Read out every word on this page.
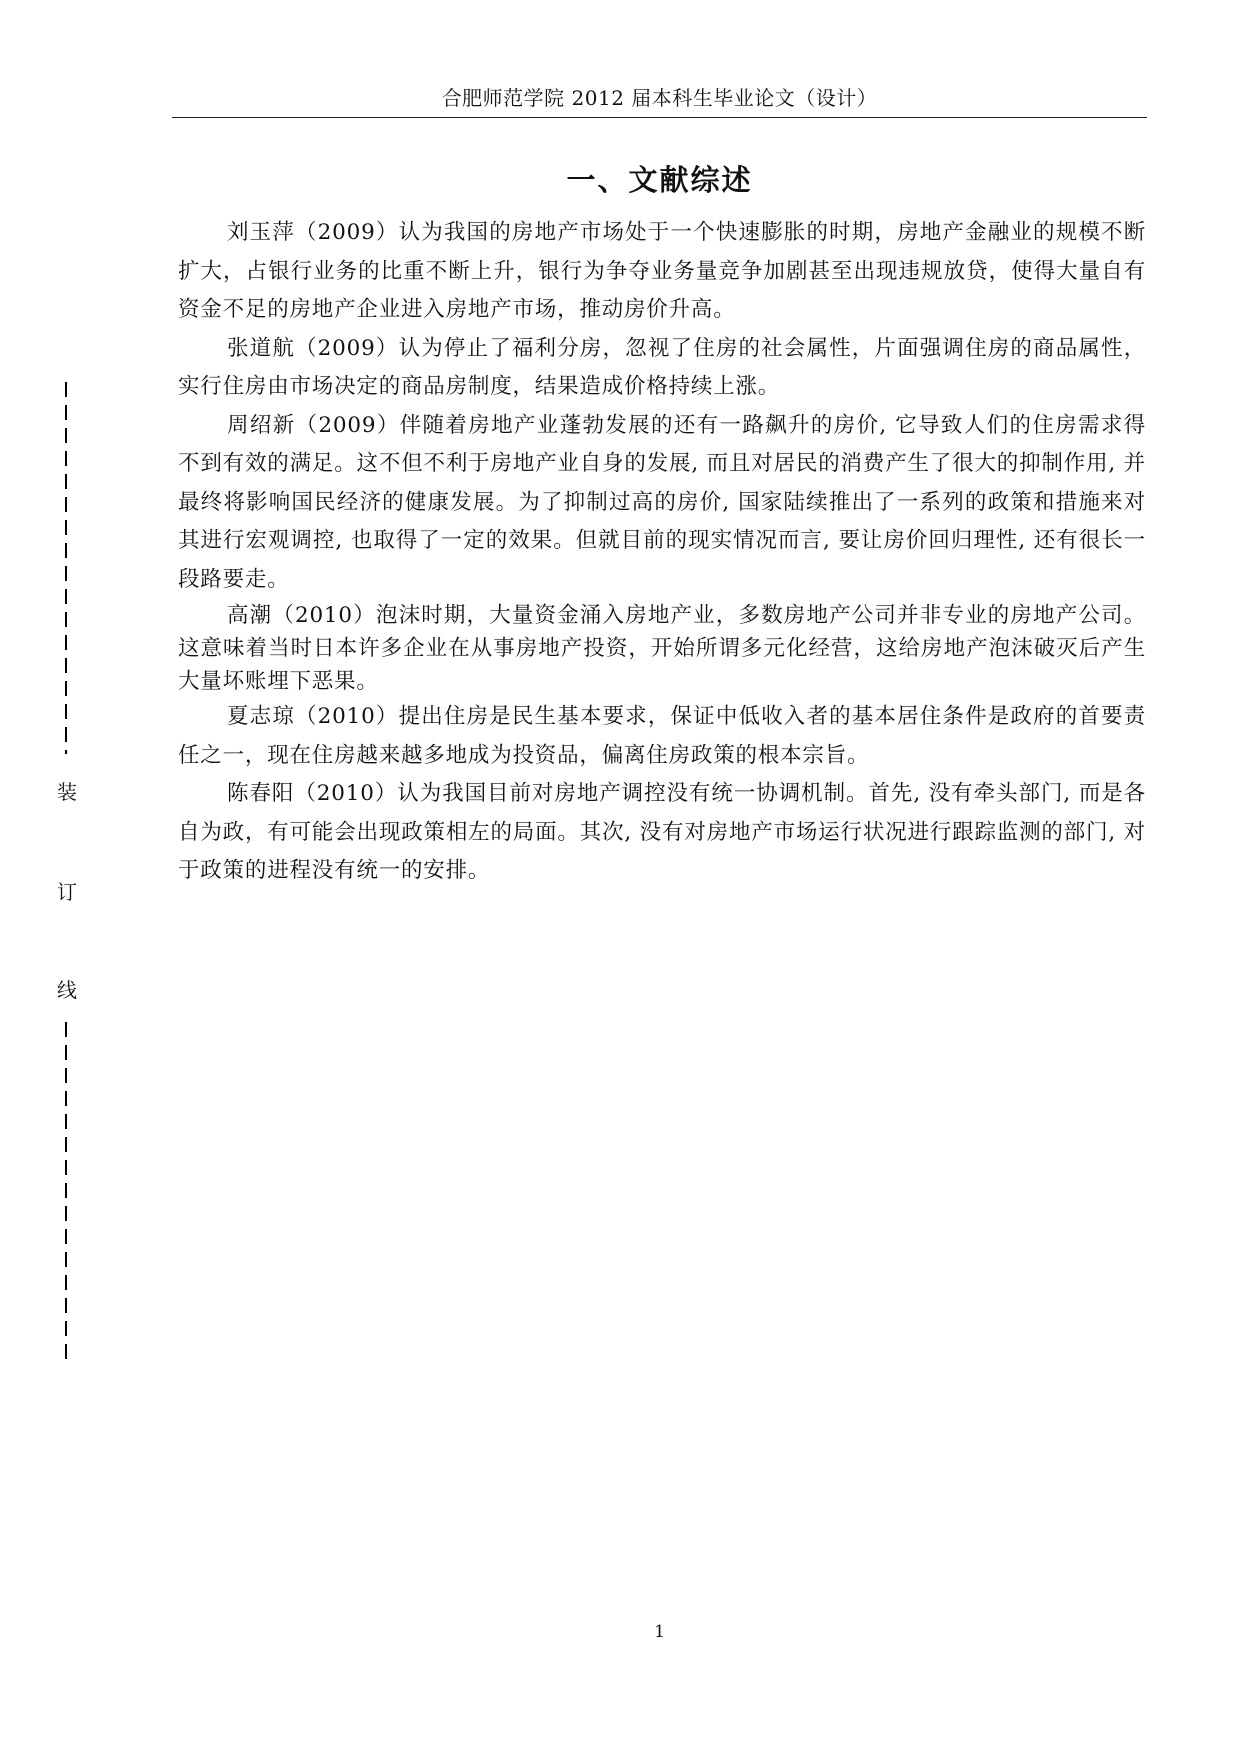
合肥师范学院 2012 届本科生毕业论文（设计）
一、文献综述

刘玉萍（2009）认为我国的房地产市场处于一个快速膨胀的时期，房地产金融业的规模不断扩大，占银行业务的比重不断上升，银行为争夺业务量竞争加剧甚至出现违规放贷，使得大量自有资金不足的房地产企业进入房地产市场，推动房价升高。

张道航（2009）认为停止了福利分房，忽视了住房的社会属性，片面强调住房的商品属性，实行住房由市场决定的商品房制度，结果造成价格持续上涨。

周绍新（2009）伴随着房地产业蓬勃发展的还有一路飙升的房价, 它导致人们的住房需求得不到有效的满足。这不但不利于房地产业自身的发展, 而且对居民的消费产生了很大的抑制作用, 并最终将影响国民经济的健康发展。为了抑制过高的房价, 国家陆续推出了一系列的政策和措施来对其进行宏观调控, 也取得了一定的效果。但就目前的现实情况而言, 要让房价回归理性, 还有很长一段路要走。

高潮（2010）泡沫时期，大量资金涌入房地产业，多数房地产公司并非专业的房地产公司。这意味着当时日本许多企业在从事房地产投资，开始所谓多元化经营，这给房地产泡沫破灭后产生大量坏账埋下恶果。

夏志琼（2010）提出住房是民生基本要求，保证中低收入者的基本居住条件是政府的首要责任之一，现在住房越来越多地成为投资品，偏离住房政策的根本宗旨。

陈春阳（2010）认为我国目前对房地产调控没有统一协调机制。首先, 没有牵头部门, 而是各自为政，有可能会出现政策相左的局面。其次, 没有对房地产市场运行状况进行跟踪监测的部门, 对于政策的进程没有统一的安排。

装
订
线
1
